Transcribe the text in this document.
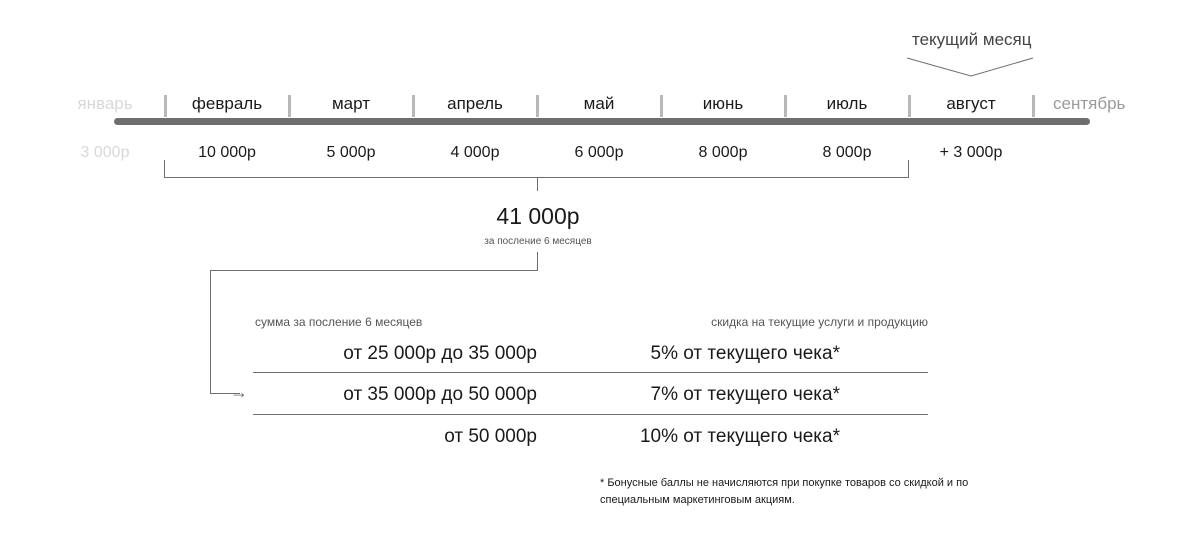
текущий месяц
январь	февраль	март	апрель	май	июнь	июль	август	сентябрь
3 000р	10 000р	5 000р	4 000р	6 000р	8 000р	8 000р	+ 3 000р
41 000р
за посление 6 месяцев
→
сумма за посление 6 месяцев	скидка на текущие услуги и продукцию
от 25 000р до 35 000р	5% от текущего чека*
от 35 000р до 50 000р	7% от текущего чека*
от 50 000р	10% от текущего чека*
* Бонусные баллы не начисляются при покупке товаров со скидкой и по
специальным маркетинговым акциям.
